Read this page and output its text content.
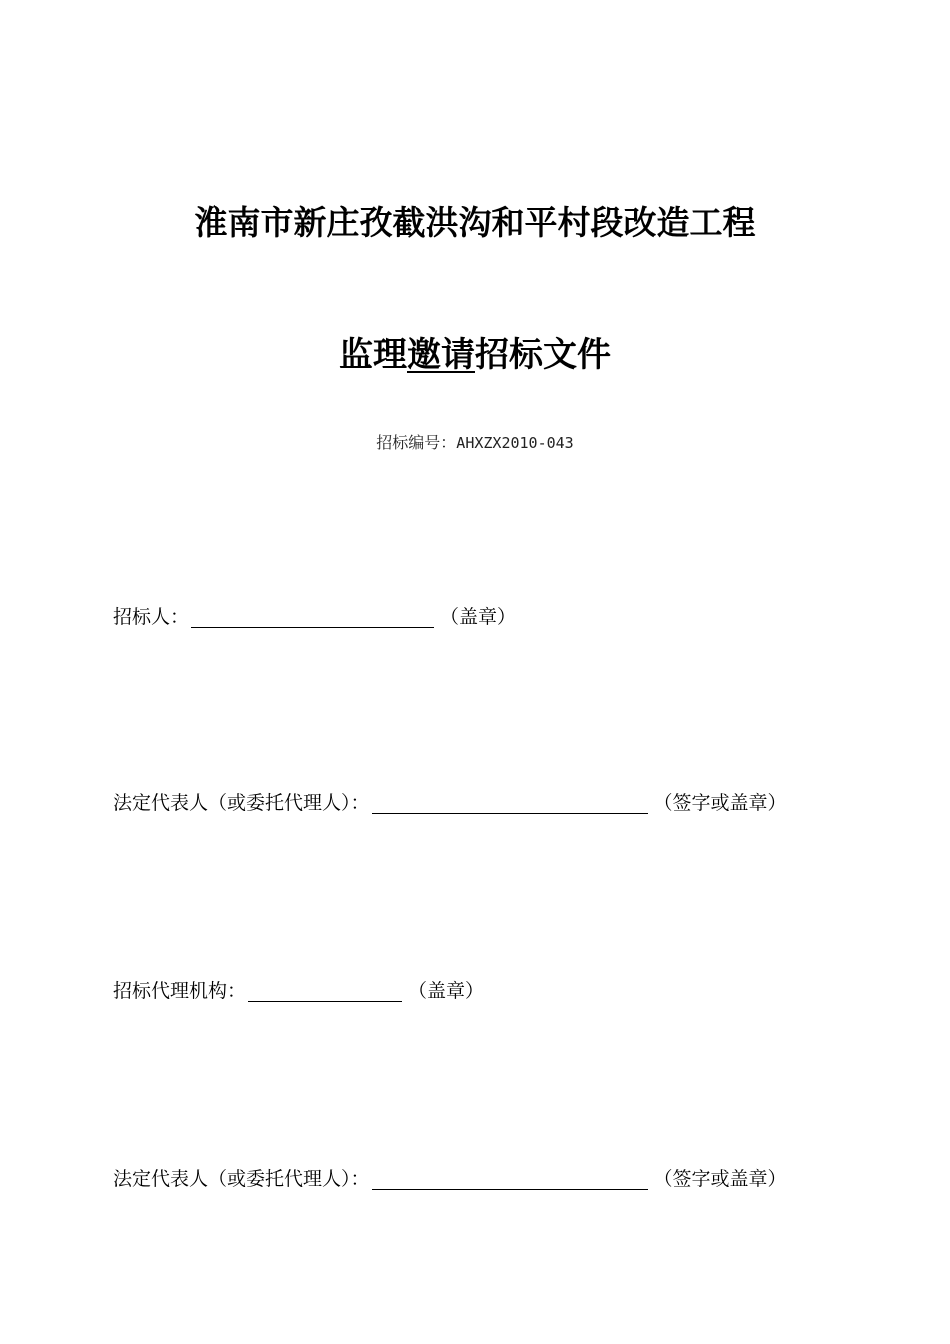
淮南市新庄孜截洪沟和平村段改造工程
监理邀请招标文件
招标编号：AHXZX2010-043
招标人：	（盖章）
法定代表人（或委托代理人）：	（签字或盖章）
招标代理机构：	（盖章）
法定代表人（或委托代理人）：	（签字或盖章）
